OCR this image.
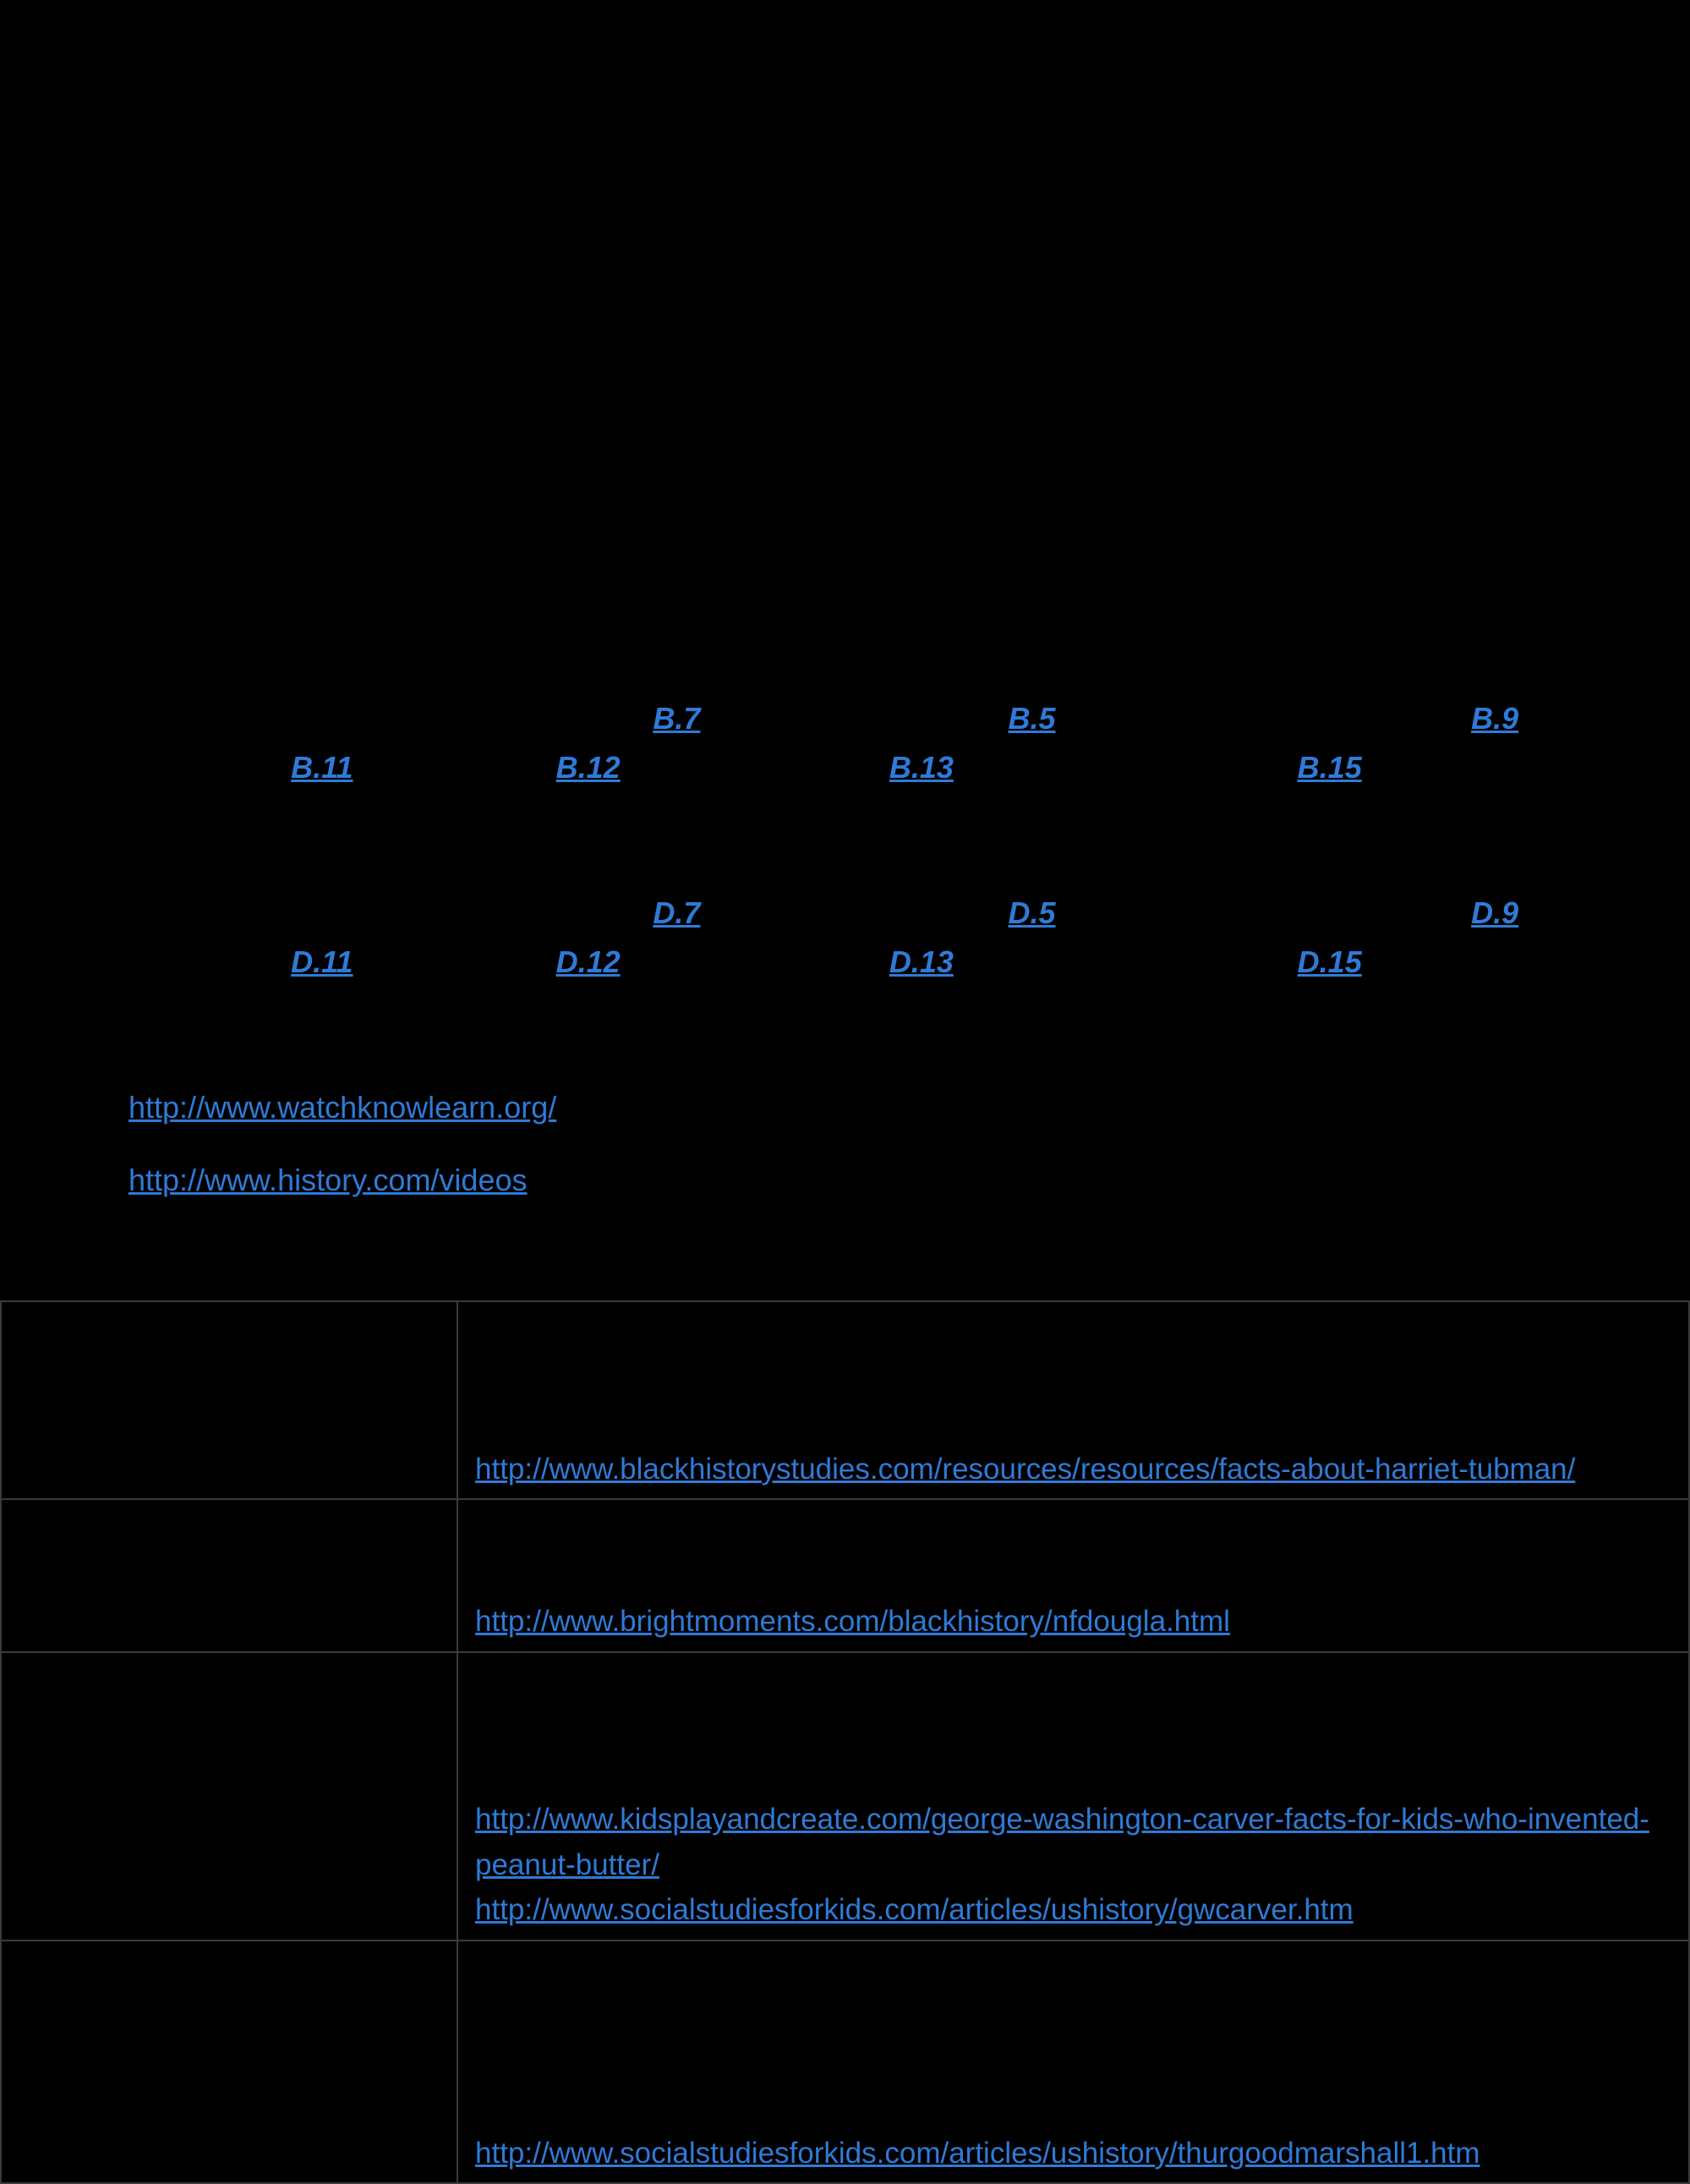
Lesson Plan:
Celebrating Black History Month Using IXL's Grades 2 & 3 Social Studies Content
(4) 45-minute lessons
Objective:
Students will write a narrative from the point-of-view of a legendary African-American figure in U.S. history
following exploration of text sources as well as IXL's social studies content.
Standards:
Grade 2: RI.2.2, RI.2.3, W.2.3, W.2.7, W.2.8
Grade 3: RI.3.1, RI.3.3, W.3.3, W.3.7, W.3.8
Suggested Resources:
1) IXL Grade 2 social studies: Harriet Tubman (B.7), Frederick Douglass (B.5), George Washington Carver (B.9),
Thurgood Marshall (B.11), Rosa Parks (B.12), Jackie Robinson (B.13), Martin Luther King, Jr. (B.15)
OR
2) IXL Grade 3 social studies: Harriet Tubman (D.7), Frederick Douglass (D.5), George Washington Carver (D.9),
Thurgood Marshall (D.11), Rosa Parks (D.12), Jackie Robinson (D.13), Martin Luther King, Jr. (D.15)
3) Student-friendly video content (if needed) for all 7 historical figures can be found at:
http://www.watchknowlearn.org/
http://www.history.com/videos
4) Sites and texts for students to explore:
Harriet Tubman	Picture biographies of Tubman's life such as:
My First Biography: Harriet Tubman (Bauer)
Escape North! The Story of Harriet Tubman (Kulling)
http://www.blackhistorystudies.com/resources/resources/facts-about-harriet-tubman/

Frederick Douglass	Picture biography of Douglass's life such as:
A Picture Book of Frederick Douglass (Adler)
http://www.brightmoments.com/blackhistory/nfdougla.html

George Washington Carver	Picture biographies of Washington Carver's life such as:
A Weed is a Flower: The Life of George Washington Carver (Aliki)
A Picture Book of George Washington Carver (Adler)
http://www.kidsplayandcreate.com/george-washington-carver-facts-for-kids-who-invented-peanut-butter/
http://www.socialstudiesforkids.com/articles/ushistory/gwcarver.htm

Thurgood Marshall	Picture biographies of Marshall's life such as:
Thurgood Marshall: The Supreme Court Rules on "Separate but Equal" (A Graphic History of the Civil Rights Movement) (Jeffrey)
A Picture Book of Thurgood Marshall (Adler)
http://www.socialstudiesforkids.com/articles/ushistory/thurgoodmarshall1.htm
